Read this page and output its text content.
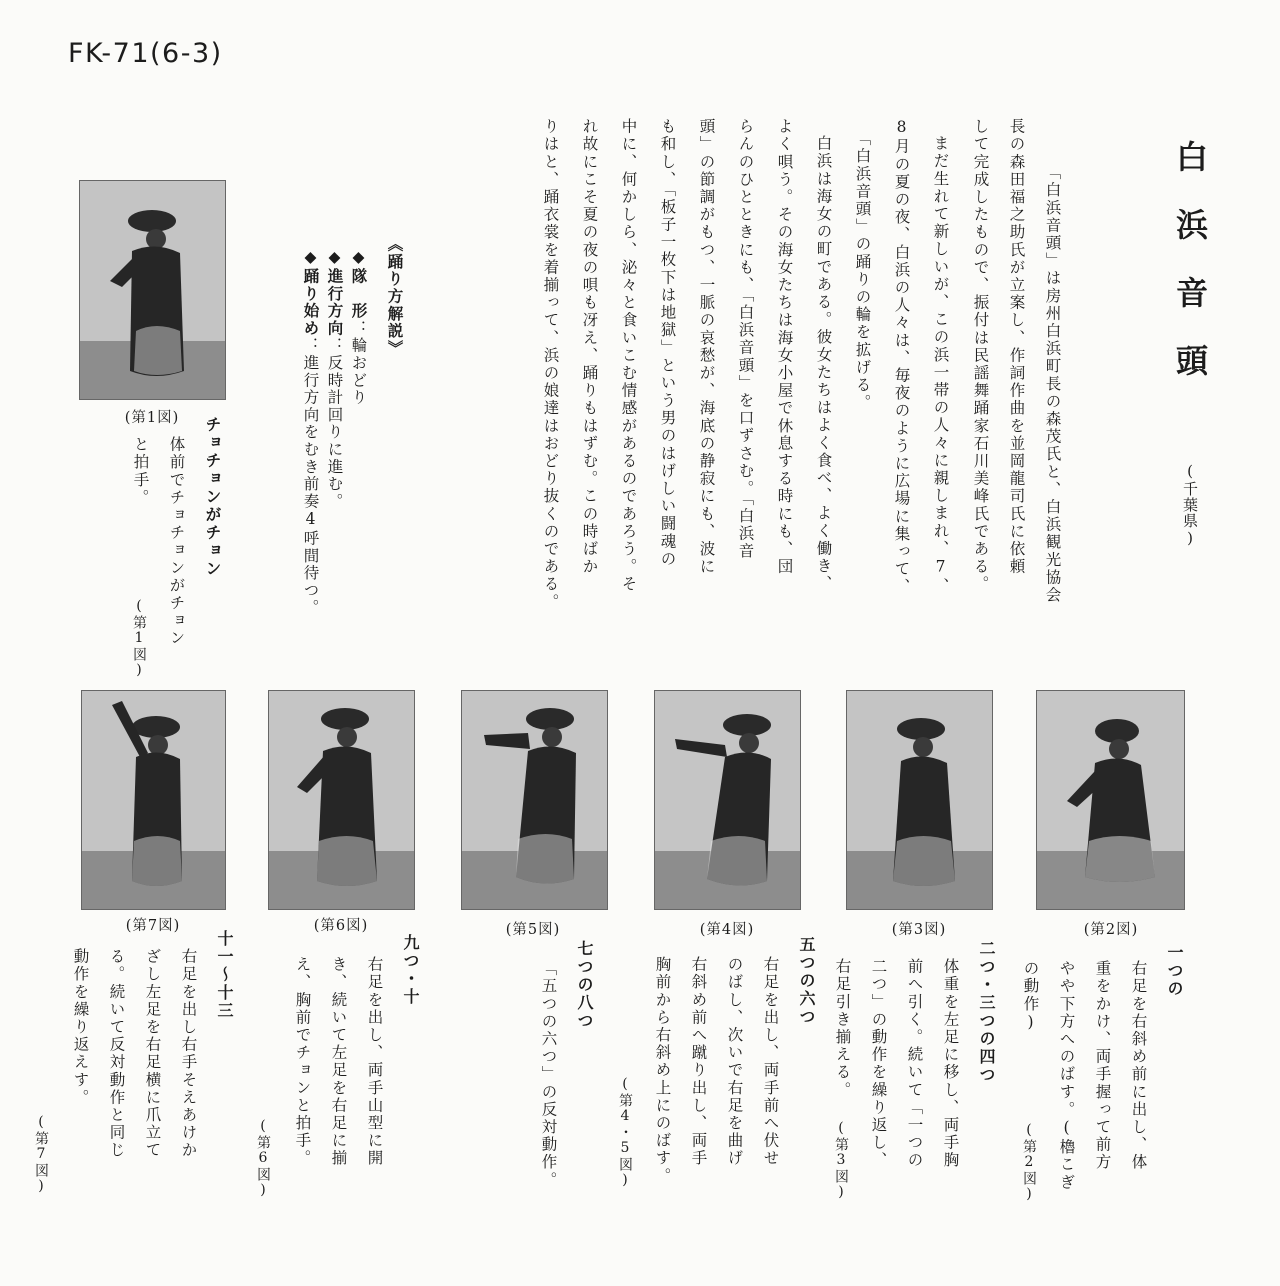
FK-71(6-3)
白浜音頭
(千葉県)
「白浜音頭」は房州白浜町長の森茂氏と、白浜観光協会
長の森田福之助氏が立案し、作詞作曲を並岡龍司氏に依頼
して完成したもので、振付は民謡舞踊家石川美峰氏である。
まだ生れて新しいが、この浜一帯の人々に親しまれ、7、
8月の夏の夜、白浜の人々は、毎夜のように広場に集って、
「白浜音頭」の踊りの輪を拡げる。
白浜は海女の町である。彼女たちはよく食べ、よく働き、
よく唄う。その海女たちは海女小屋で休息する時にも、団
らんのひとときにも、「白浜音頭」を口ずさむ。「白浜音
頭」の節調がもつ、一脈の哀愁が、海底の静寂にも、波に
も和し、「板子一枚下は地獄」という男のはげしい闘魂の
中に、何かしら、泌々と食いこむ情感があるのであろう。そ
れ故にこそ夏の夜の唄も冴え、踊りもはずむ。この時ばか
りはと、踊衣裳を着揃って、浜の娘達はおどり抜くのである。
《踊り方解説》
◆隊　形：輪おどり
◆進行方向：反時計回りに進む。
◆踊り始め：進行方向をむき前奏4呼間待つ。
(第1図)	チョチョンがチョン
体前でチョチョンがチョン
と拍手。
(第1図)
(第2図)
(第3図)
(第4図)
(第5図)
(第6図)
(第7図)
一つの
右足を右斜め前に出し、体
重をかけ、両手握って前方
やや下方へのばす。(櫓こぎ
の動作)
(第2図)
二つ・三つの四つ
体重を左足に移し、両手胸
前へ引く。続いて「一つの
二つ」の動作を繰り返し、
右足引き揃える。
(第3図)
五つの六つ
右足を出し、両手前へ伏せ
のばし、次いで右足を曲げ
右斜め前へ蹴り出し、両手
胸前から右斜め上にのばす。
(第4・5図)
七つの八つ
「五つの六つ」の反対動作。
九つ・十
右足を出し、両手山型に開
き、続いて左足を右足に揃
え、胸前でチョンと拍手。
(第6図)
十一〜十三
右足を出し右手そえあけか
ざし左足を右足横に爪立て
る。続いて反対動作と同じ
動作を繰り返えす。
(第7図)
